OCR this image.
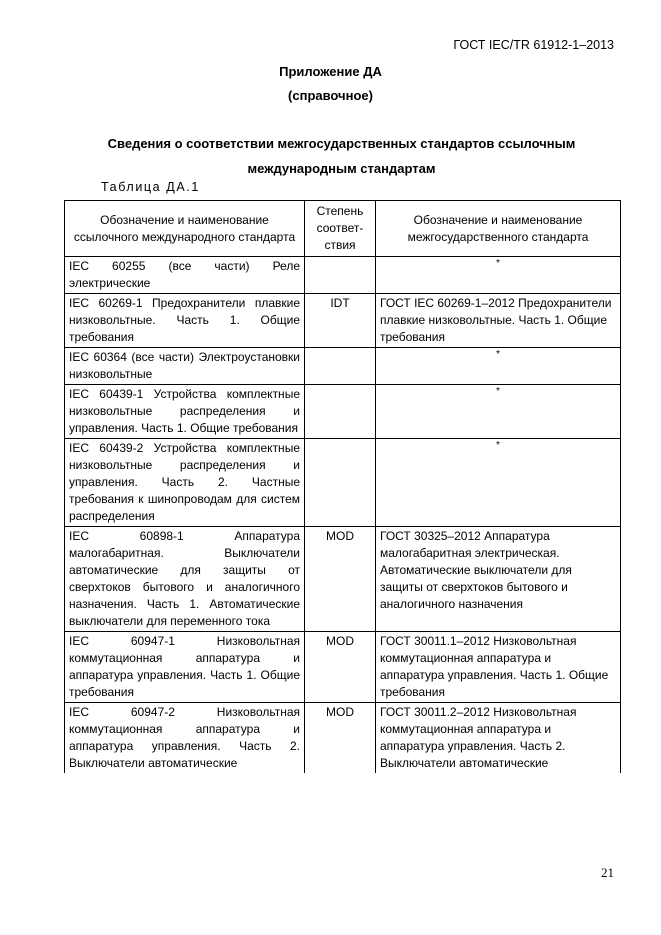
ГОСТ IEC/TR 61912-1–2013
Приложение ДА
(справочное)
Сведения о соответствии межгосударственных стандартов ссылочным международным стандартам
Таблица ДА.1
Обозначение и наименование ссылочного международного стандарта	Степень соответ-ствия	Обозначение и наименование межгосударственного стандарта
IEC 60255 (все части) Реле электрические		*
IEC 60269-1 Предохранители плавкие низковольтные. Часть 1. Общие требования	IDT	ГОСТ IEC 60269-1–2012 Предохранители плавкие низковольтные. Часть 1. Общие требования
IEC 60364 (все части) Электроустановки низковольтные		*
IEC 60439-1 Устройства комплектные низковольтные распределения и управления. Часть 1. Общие требования		*
IEC 60439-2 Устройства комплектные низковольтные распределения и управления. Часть 2. Частные требования к шинопроводам для систем распределения		*
IEC 60898-1 Аппаратура малогабаритная. Выключатели автоматические для защиты от сверхтоков бытового и аналогичного назначения. Часть 1. Автоматические выключатели для переменного тока	MOD	ГОСТ 30325–2012 Аппаратура малогабаритная электрическая. Автоматические выключатели для защиты от сверхтоков бытового и аналогичного назначения
IEC 60947-1 Низковольтная коммутационная аппаратура и аппаратура управления. Часть 1. Общие требования	MOD	ГОСТ 30011.1–2012 Низковольтная коммутационная аппаратура и аппаратура управления. Часть 1. Общие требования
IEC 60947-2 Низковольтная коммутационная аппаратура и аппаратура управления. Часть 2. Выключатели автоматические	MOD	ГОСТ 30011.2–2012 Низковольтная коммутационная аппаратура и аппаратура управления. Часть 2. Выключатели автоматические
21
